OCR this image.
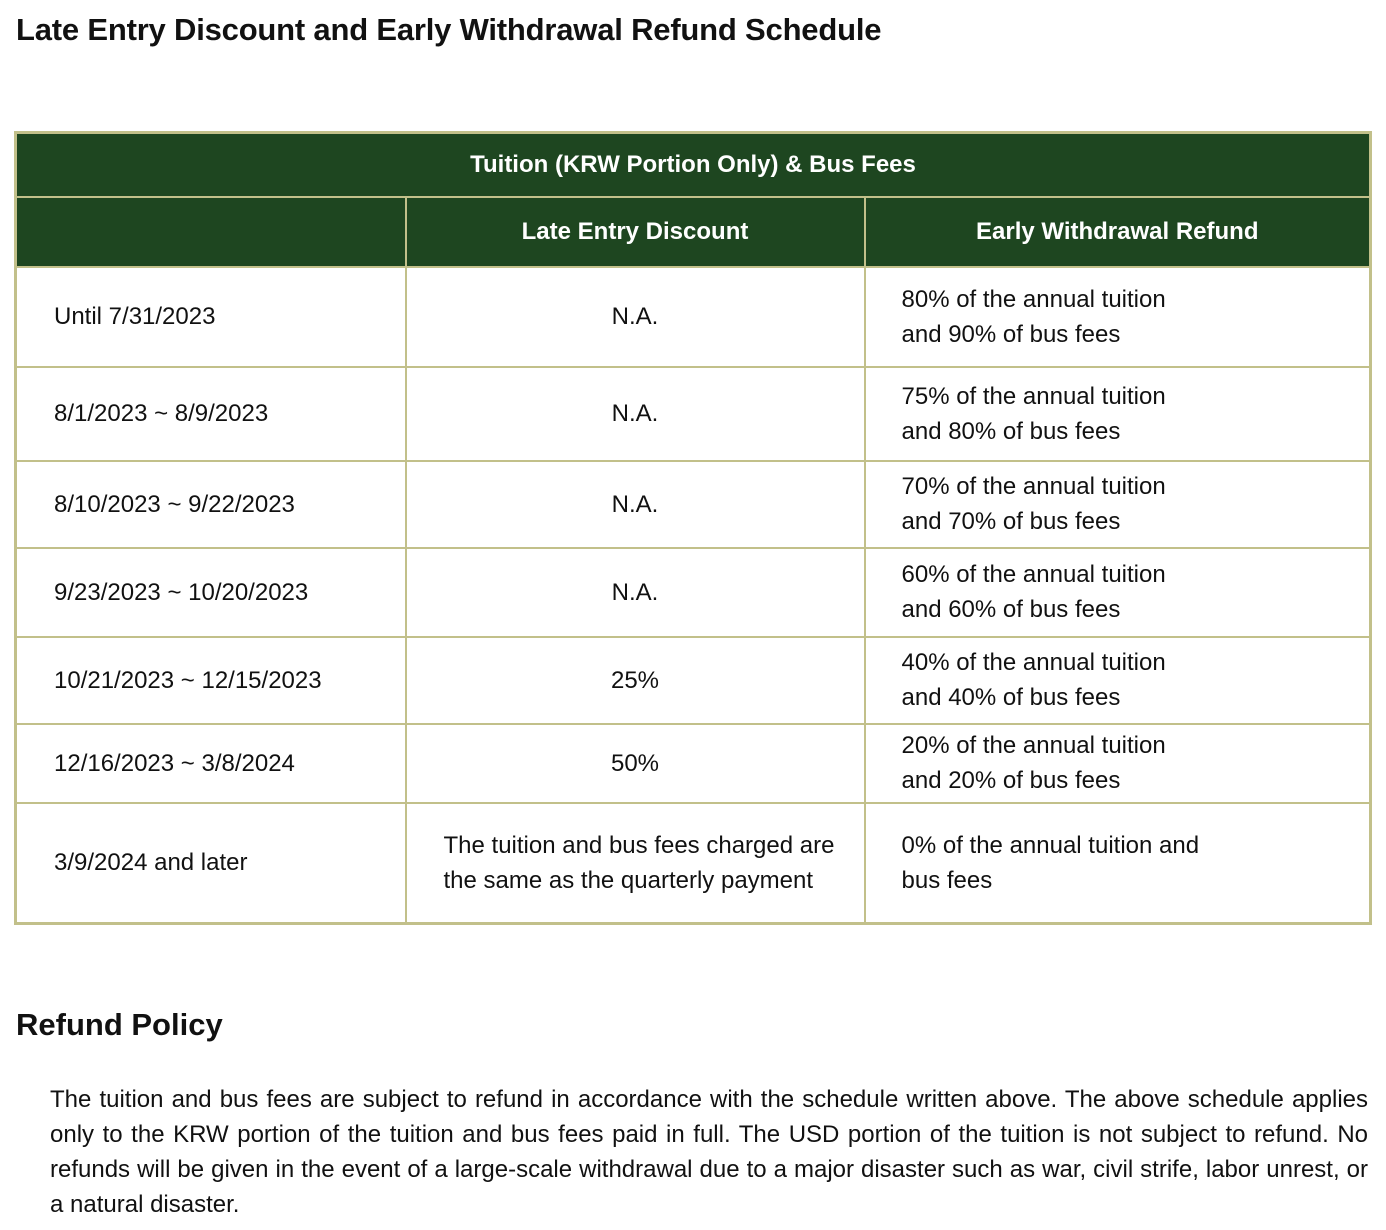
Late Entry Discount and Early Withdrawal Refund Schedule
Tuition (KRW Portion Only) & Bus Fees		
	Late Entry Discount	Early Withdrawal Refund
Until 7/31/2023	N.A.	80% of the annual tuition
and 90% of bus fees
8/1/2023 ~ 8/9/2023	N.A.	75% of the annual tuition
and 80% of bus fees
8/10/2023 ~ 9/22/2023	N.A.	70% of the annual tuition
and 70% of bus fees
9/23/2023 ~ 10/20/2023	N.A.	60% of the annual tuition
and 60% of bus fees
10/21/2023 ~ 12/15/2023	25%	40% of the annual tuition
and 40% of bus fees
12/16/2023 ~ 3/8/2024	50%	20% of the annual tuition
and 20% of bus fees
3/9/2024 and later	The tuition and bus fees charged are the same as the quarterly payment	0% of the annual tuition and
bus fees
Refund Policy

The tuition and bus fees are subject to refund in accordance with the schedule written above. The above schedule applies only to the KRW portion of the tuition and bus fees paid in full. The USD portion of the tuition is not subject to refund. No refunds will be given in the event of a large-scale withdrawal due to a major disaster such as war, civil strife, labor unrest, or a natural disaster.
